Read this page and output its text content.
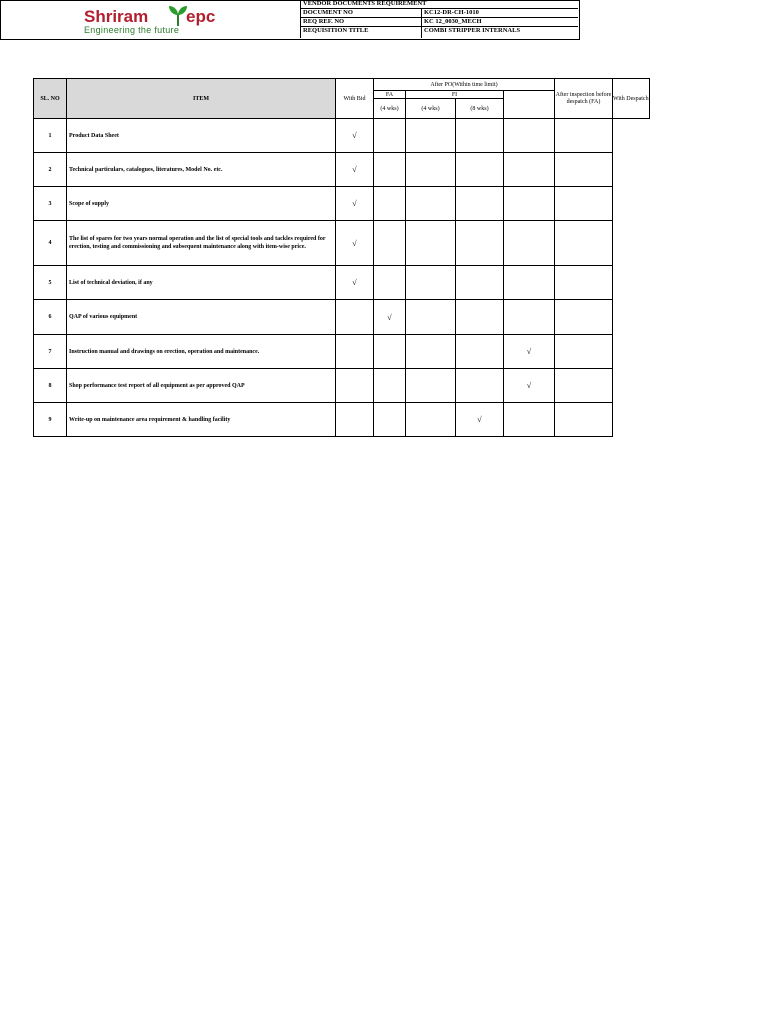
Shriram epc
Engineering the future
VENDOR DOCUMENTS REQUIREMENT
DOCUMENT NO	KC12-DR-CH-1010
REQ REF. NO	KC 12_0030_MECH
REQUISITION TITLE	COMBI STRIPPER INTERNALS
SL. NO	ITEM	With Bid	After PO(Within time limit)				After inspection before despatch (FA)	With Despatch
			FA	FI				
			(4 wks)	(4 wks)	(8 wks)			
1	Product Data Sheet	√						
2	Technical particulars, catalogues, literatures, Model No. etc.	√						
3	Scope of supply	√						
4	The list of spares for two years normal operation and the list of special tools and tackles required for erection, testing and commissioning and subsequent maintenance along with item-wise price.	√						
5	List of technical deviation, if any	√						
6	QAP of various equipment		√					
7	Instruction manual and drawings on erection, operation and maintenance.					√		
8	Shop performance test report of all equipment as per approved QAP					√		
9	Write-up on maintenance area requirement & handling facility				√			
